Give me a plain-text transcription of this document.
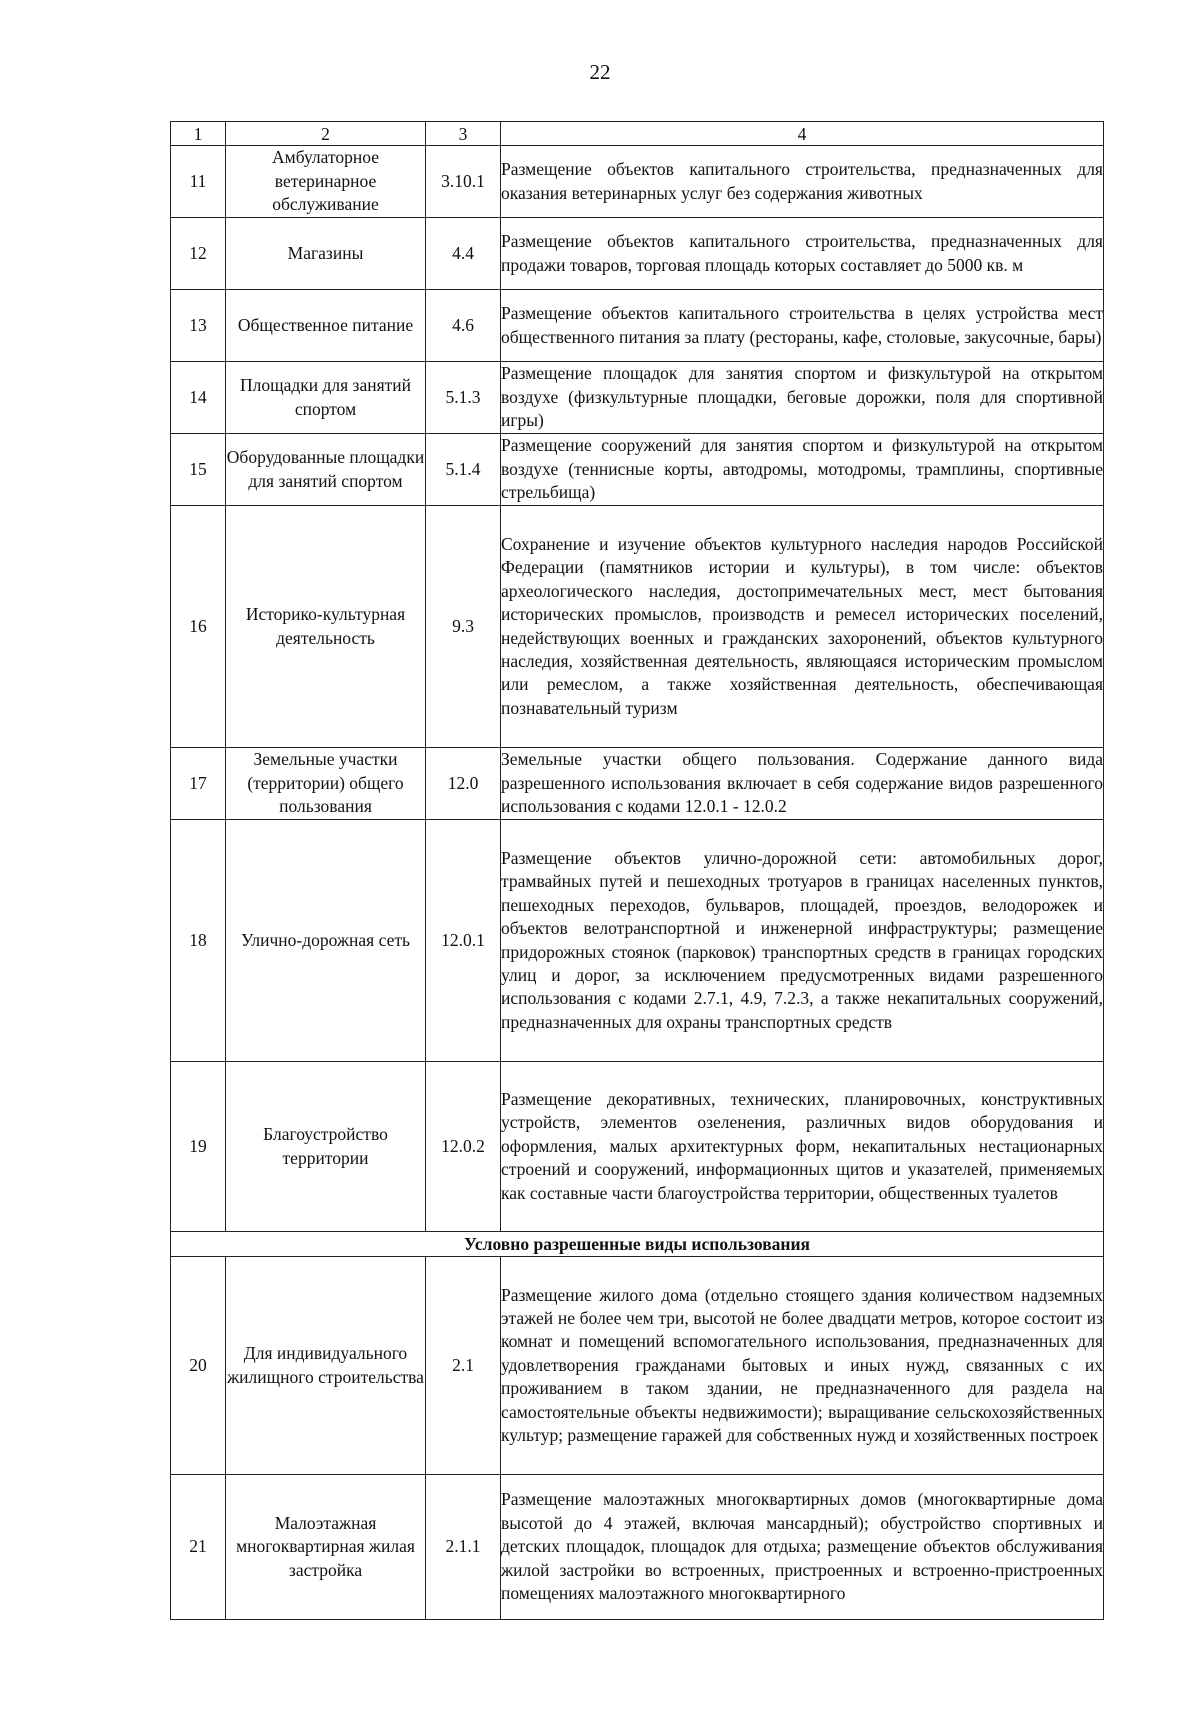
22
1	2	3	4
11	Амбулаторное ветеринарное обслуживание	3.10.1	Размещение объектов капитального строительства, предназначенных для оказания ветеринарных услуг без содержания животных
12	Магазины	4.4	Размещение объектов капитального строительства, предназначенных для продажи товаров, торговая площадь которых составляет до 5000 кв. м
13	Общественное питание	4.6	Размещение объектов капитального строительства в целях устройства мест общественного питания за плату (рестораны, кафе, столовые, закусочные, бары)
14	Площадки для занятий спортом	5.1.3	Размещение площадок для занятия спортом и физкультурой на открытом воздухе (физкультурные площадки, беговые дорожки, поля для спортивной игры)
15	Оборудованные площадки для занятий спортом	5.1.4	Размещение сооружений для занятия спортом и физкультурой на открытом воздухе (теннисные корты, автодромы, мотодромы, трамплины, спортивные стрельбища)
16	Историко-культурная деятельность	9.3	Сохранение и изучение объектов культурного наследия народов Российской Федерации (памятников истории и культуры), в том числе: объектов археологического наследия, достопримечательных мест, мест бытования исторических промыслов, производств и ремесел исторических поселений, недействующих военных и гражданских захоронений, объектов культурного наследия, хозяйственная деятельность, являющаяся историческим промыслом или ремеслом, а также хозяйственная деятельность, обеспечивающая познавательный туризм
17	Земельные участки (территории) общего пользования	12.0	Земельные участки общего пользования. Содержание данного вида разрешенного использования включает в себя содержание видов разрешенного использования с кодами 12.0.1 - 12.0.2
18	Улично-дорожная сеть	12.0.1	Размещение объектов улично-дорожной сети: автомобильных дорог, трамвайных путей и пешеходных тротуаров в границах населенных пунктов, пешеходных переходов, бульваров, площадей, проездов, велодорожек и объектов велотранспортной и инженерной инфраструктуры; размещение придорожных стоянок (парковок) транспортных средств в границах городских улиц и дорог, за исключением предусмотренных видами разрешенного использования с кодами 2.7.1, 4.9, 7.2.3, а также некапитальных сооружений, предназначенных для охраны транспортных средств
19	Благоустройство территории	12.0.2	Размещение декоративных, технических, планировочных, конструктивных устройств, элементов озеленения, различных видов оборудования и оформления, малых архитектурных форм, некапитальных нестационарных строений и сооружений, информационных щитов и указателей, применяемых как составные части благоустройства территории, общественных туалетов
Условно разрешенные виды использования			
20	Для индивидуального жилищного строительства	2.1	Размещение жилого дома (отдельно стоящего здания количеством надземных этажей не более чем три, высотой не более двадцати метров, которое состоит из комнат и помещений вспомогательного использования, предназначенных для удовлетворения гражданами бытовых и иных нужд, связанных с их проживанием в таком здании, не предназначенного для раздела на самостоятельные объекты недвижимости); выращивание сельскохозяйственных культур; размещение гаражей для собственных нужд и хозяйственных построек
21	Малоэтажная многоквартирная жилая застройка	2.1.1	Размещение малоэтажных многоквартирных домов (многоквартирные дома высотой до 4 этажей, включая мансардный); обустройство спортивных и детских площадок, площадок для отдыха; размещение объектов обслуживания жилой застройки во встроенных, пристроенных и встроенно-пристроенных помещениях малоэтажного многоквартирного
